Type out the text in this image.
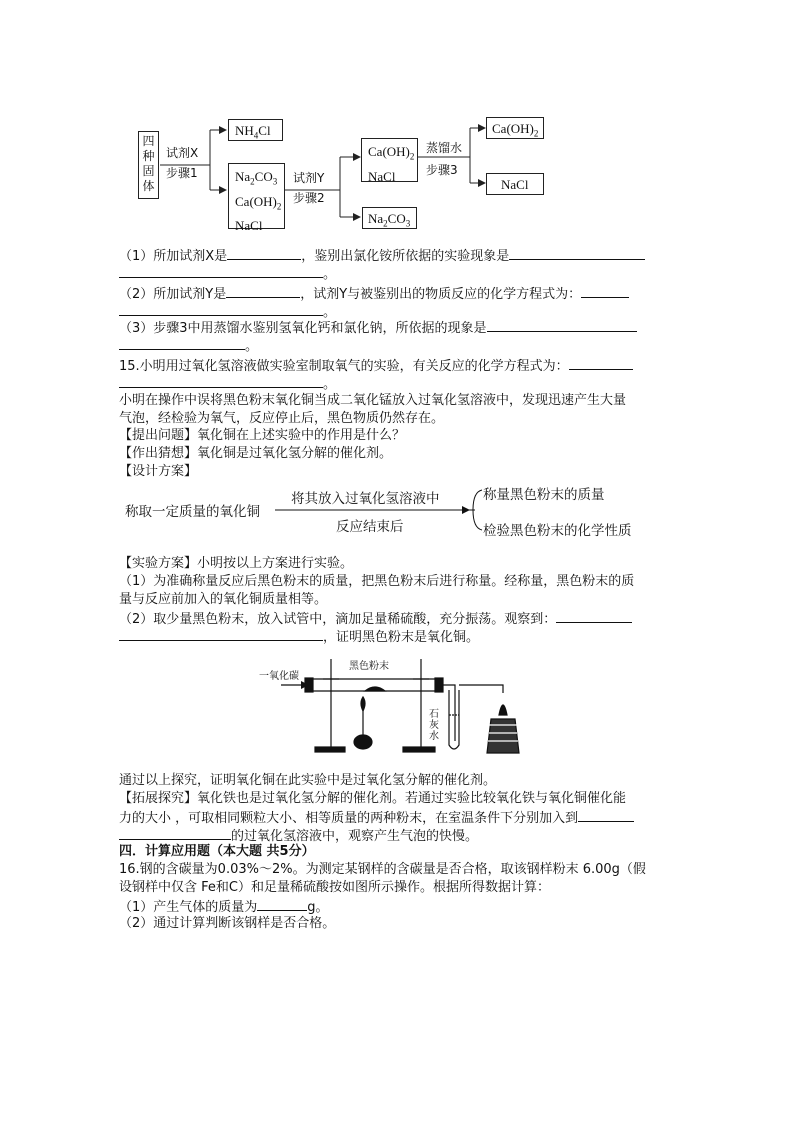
四种固体
试剂X
步骤1
$NH_4Cl$
$Na_2CO_3$
$Ca(OH)_2$
NaCl
试剂Y
步骤2
$Ca(OH)_2$
NaCl
$Na_2CO_3$
蒸馏水
步骤3
$Ca(OH)_2$
NaCl
（1）所加试剂X是	，鉴别出氯化铵所依据的实验现象是
。
（2）所加试剂Y是	，试剂Y与被鉴别出的物质反应的化学方程式为：
。
（3）步骤3中用蒸馏水鉴别氢氧化钙和氯化钠，所依据的现象是
。
15.小明用过氧化氢溶液做实验室制取氧气的实验，有关反应的化学方程式为：
。
小明在操作中误将黑色粉末氧化铜当成二氧化锰放入过氧化氢溶液中，发现迅速产生大量
气泡，经检验为氧气，反应停止后，黑色物质仍然存在。
【提出问题】氧化铜在上述实验中的作用是什么？
【作出猜想】氧化铜是过氧化氢分解的催化剂。
【设计方案】
称取一定质量的氧化铜
将其放入过氧化氢溶液中
反应结束后
称量黑色粉末的质量
检验黑色粉末的化学性质
【实验方案】小明按以上方案进行实验。
（1）为准确称量反应后黑色粉末的质量，把黑色粉末后进行称量。经称量，黑色粉末的质
量与反应前加入的氧化铜质量相等。
（2）取少量黑色粉末，放入试管中，滴加足量稀硫酸，充分振荡。观察到：
，证明黑色粉末是氧化铜。
一氧化碳
黑色粉末
石灰水
通过以上探究，证明氧化铜在此实验中是过氧化氢分解的催化剂。
【拓展探究】氧化铁也是过氧化氢分解的催化剂。若通过实验比较氧化铁与氧化铜催化能
力的大小 ，可取相同颗粒大小、相等质量的两种粉末，在室温条件下分别加入到
的过氧化氢溶液中，观察产生气泡的快慢。
四．计算应用题（本大题 共5分）
16.钢的含碳量为0.03%～2%。为测定某钢样的含碳量是否合格，取该钢样粉末 6.00g（假
设钢样中仅含 Fe和C）和足量稀硫酸按如图所示操作。根据所得数据计算：
（1）产生气体的质量为	g。
（2）通过计算判断该钢样是否合格。
